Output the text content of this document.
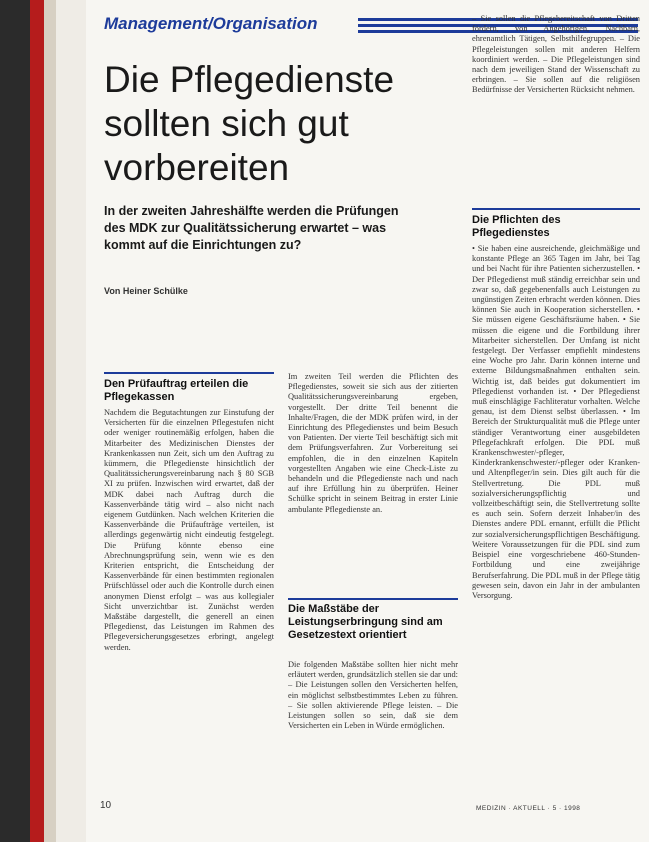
Management/Organisation
Die Pflegedienste
sollten sich gut
vorbereiten
In der zweiten Jahreshälfte werden die Prüfungen des MDK zur Qualitätssicherung erwartet – was kommt auf die Einrichtungen zu?
Von Heiner Schülke
Den Prüfauftrag erteilen die Pflegekassen
Nachdem die Begutachtungen zur Einstufung der Versicherten für die einzelnen Pflegestufen nicht oder weniger routinemäßig erfolgen, haben die Mitarbeiter des Medizinischen Dienstes der Krankenkassen nun Zeit, sich um den Auftrag zu kümmern, die Pflegedienste hinsichtlich der Qualitätssicherungsvereinbarung nach § 80 SGB XI zu prüfen. Inzwischen wird erwartet, daß der MDK dabei nach Auftrag durch die Kassenverbände tätig wird – also nicht nach eigenem Gutdünken. Nach welchen Kriterien die Kassenverbände die Prüfaufträge verteilen, ist allerdings gegenwärtig nicht eindeutig festgelegt. Die Prüfung könnte ebenso eine Abrechnungsprüfung sein, wenn wie es den Kriterien entspricht, die Entscheidung der Kassenverbände für einen bestimmten regionalen Prüfschlüssel oder auch die Kontrolle durch einen anonymen Dienst erfolgt – was aus kollegialer Sicht unverzichtbar ist. Zunächst werden Maßstäbe dargestellt, die generell an einen Pflegedienst, das Leistungen im Rahmen des Pflegeversicherungsgesetzes erbringt, angelegt werden.
Im zweiten Teil werden die Pflichten des Pflegedienstes, soweit sie sich aus der zitierten Qualitätssicherungsvereinbarung ergeben, vorgestellt. Der dritte Teil benennt die Inhalte/Fragen, die der MDK prüfen wird, in der Einrichtung des Pflegedienstes und beim Besuch von Patienten. Der vierte Teil beschäftigt sich mit dem Prüfungsverfahren. Zur Vorbereitung sei empfohlen, die in den einzelnen Kapiteln vorgestellten Angaben wie eine Check-Liste zu behandeln und die Pflegedienste nach und nach auf ihre Erfüllung hin zu überprüfen. Heiner Schülke spricht in seinem Beitrag in erster Linie ambulante Pflegedienste an.
Die Maßstäbe der Leistungserbringung sind am Gesetzestext orientiert
Die folgenden Maßstäbe sollten hier nicht mehr erläutert werden, grundsätzlich stellen sie dar und: – Die Leistungen sollen den Versicherten helfen, ein möglichst selbstbestimmtes Leben zu führen. – Sie sollen aktivierende Pflege leisten. – Die Leistungen sollen so sein, daß sie dem Versicherten ein Leben in Würde ermöglichen.
– Sie sollen die Pflegebereitschaft von Dritten fördern, von Angehörigen, Nachbarn, ehrenamtlich Tätigen, Selbsthilfegruppen. – Die Pflegeleistungen sollen mit anderen Helfern koordiniert werden. – Die Pflegeleistungen sind nach dem jeweiligen Stand der Wissenschaft zu erbringen. – Sie sollen auf die religiösen Bedürfnisse der Versicherten Rücksicht nehmen.
Die Pflichten des Pflegedienstes
• Sie haben eine ausreichende, gleichmäßige und konstante Pflege an 365 Tagen im Jahr, bei Tag und bei Nacht für ihre Patienten sicherzustellen. • Der Pflegedienst muß ständig erreichbar sein und zwar so, daß gegebenenfalls auch Leistungen zu ungünstigen Zeiten erbracht werden können. Dies können Sie auch in Kooperation sicherstellen. • Sie müssen eigene Geschäftsräume haben. • Sie müssen die eigene und die Fortbildung ihrer Mitarbeiter sicherstellen. Der Umfang ist nicht festgelegt. Der Verfasser empfiehlt mindestens eine Woche pro Jahr. Darin können interne und externe Bildungsmaßnahmen enthalten sein. Wichtig ist, daß beides gut dokumentiert im Pflegedienst vorhanden ist. • Der Pflegedienst muß einschlägige Fachliteratur vorhalten. Welche genau, ist dem Dienst selbst überlassen. • Im Bereich der Strukturqualität muß die Pflege unter ständiger Verantwortung einer ausgebildeten Pflegefachkraft erfolgen. Die PDL muß Krankenschwester/-pfleger, Kinderkrankenschwester/-pfleger oder Kranken- und Altenpfleger/in sein. Dies gilt auch für die Stellvertretung. Die PDL muß sozialversicherungspflichtig und vollzeitbeschäftigt sein, die Stellvertretung sollte es auch sein. Sofern derzeit Inhaber/in des Dienstes andere PDL ernannt, erfüllt die Pflicht zur sozialversicherungspflichtigen Beschäftigung. Weitere Voraussetzungen für die PDL sind zum Beispiel eine vorgeschriebene 460-Stunden-Fortbildung und eine zweijährige Berufserfahrung. Die PDL muß in der Pflege tätig gewesen sein, davon ein Jahr in der ambulanten Versorgung.
10	MEDIZIN · AKTUELL · 5 · 1998
